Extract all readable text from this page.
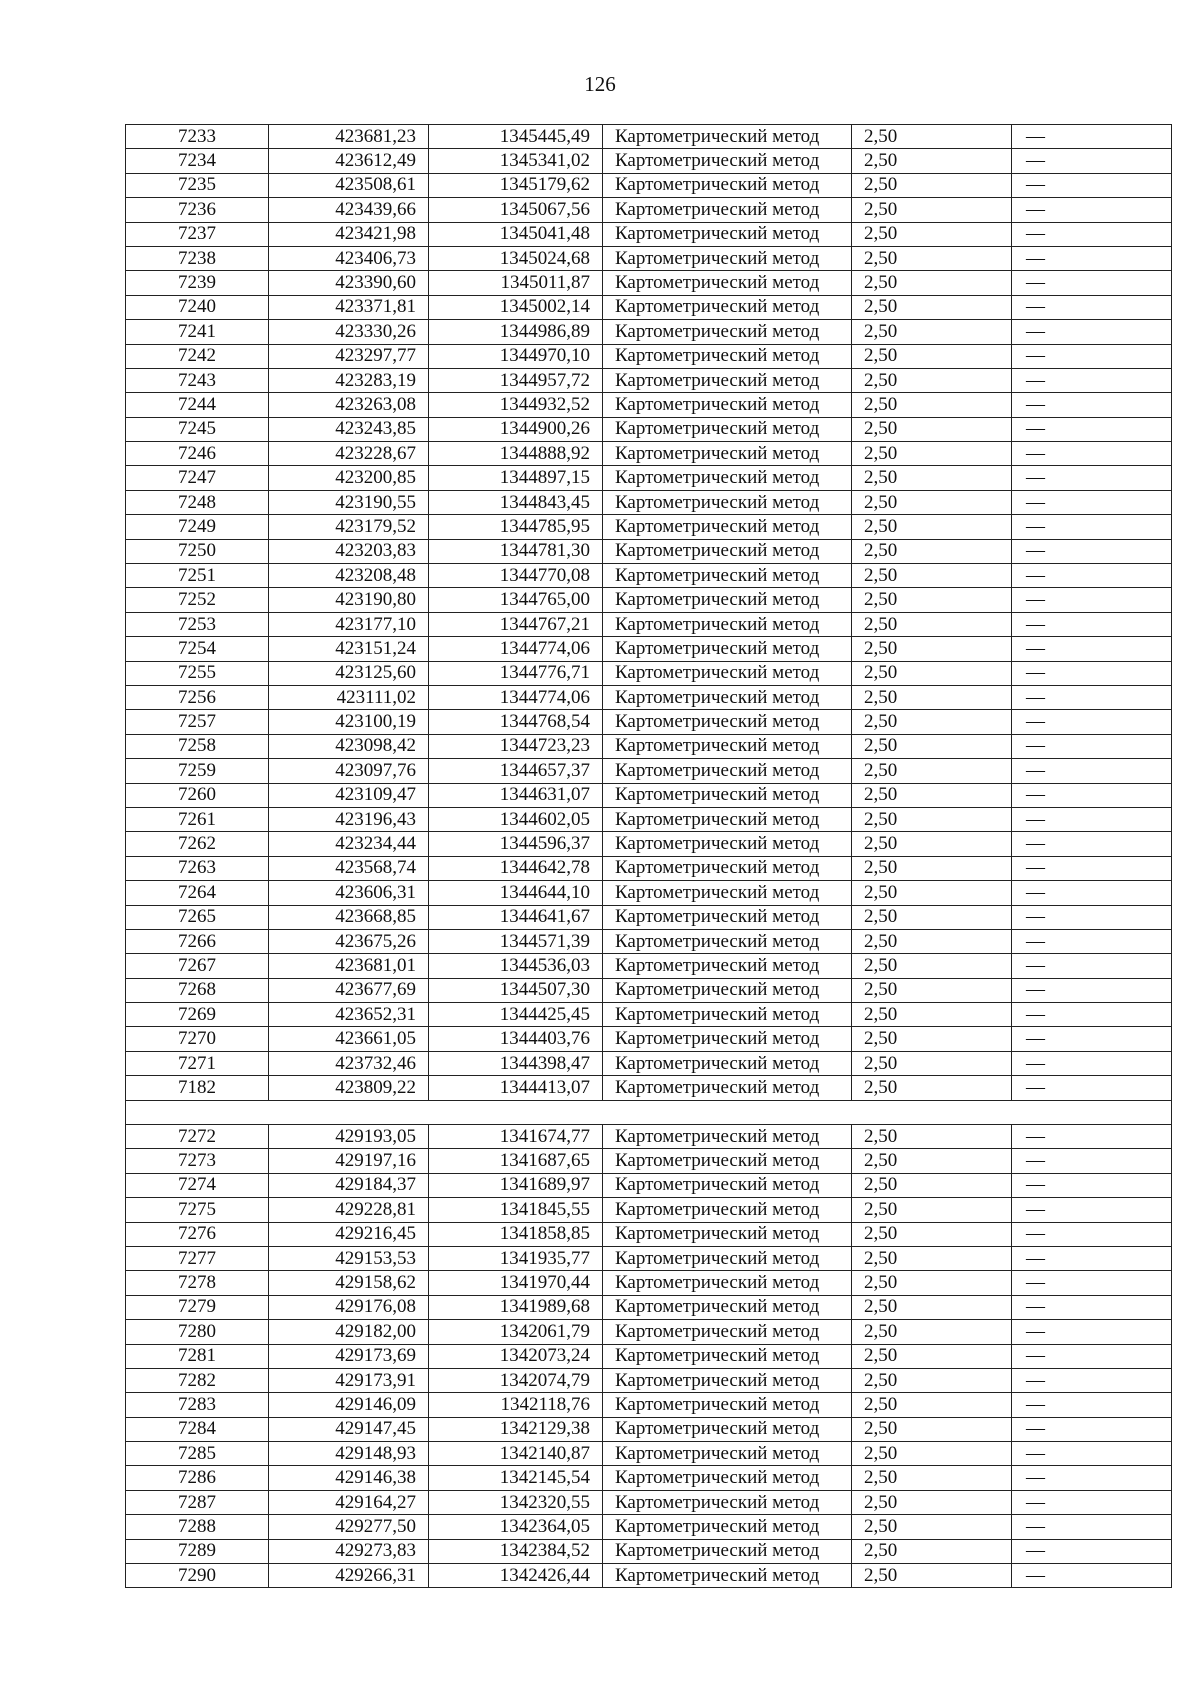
126
7233	423681,23	1345445,49	Картометрический метод	2,50	—
7234	423612,49	1345341,02	Картометрический метод	2,50	—
7235	423508,61	1345179,62	Картометрический метод	2,50	—
7236	423439,66	1345067,56	Картометрический метод	2,50	—
7237	423421,98	1345041,48	Картометрический метод	2,50	—
7238	423406,73	1345024,68	Картометрический метод	2,50	—
7239	423390,60	1345011,87	Картометрический метод	2,50	—
7240	423371,81	1345002,14	Картометрический метод	2,50	—
7241	423330,26	1344986,89	Картометрический метод	2,50	—
7242	423297,77	1344970,10	Картометрический метод	2,50	—
7243	423283,19	1344957,72	Картометрический метод	2,50	—
7244	423263,08	1344932,52	Картометрический метод	2,50	—
7245	423243,85	1344900,26	Картометрический метод	2,50	—
7246	423228,67	1344888,92	Картометрический метод	2,50	—
7247	423200,85	1344897,15	Картометрический метод	2,50	—
7248	423190,55	1344843,45	Картометрический метод	2,50	—
7249	423179,52	1344785,95	Картометрический метод	2,50	—
7250	423203,83	1344781,30	Картометрический метод	2,50	—
7251	423208,48	1344770,08	Картометрический метод	2,50	—
7252	423190,80	1344765,00	Картометрический метод	2,50	—
7253	423177,10	1344767,21	Картометрический метод	2,50	—
7254	423151,24	1344774,06	Картометрический метод	2,50	—
7255	423125,60	1344776,71	Картометрический метод	2,50	—
7256	423111,02	1344774,06	Картометрический метод	2,50	—
7257	423100,19	1344768,54	Картометрический метод	2,50	—
7258	423098,42	1344723,23	Картометрический метод	2,50	—
7259	423097,76	1344657,37	Картометрический метод	2,50	—
7260	423109,47	1344631,07	Картометрический метод	2,50	—
7261	423196,43	1344602,05	Картометрический метод	2,50	—
7262	423234,44	1344596,37	Картометрический метод	2,50	—
7263	423568,74	1344642,78	Картометрический метод	2,50	—
7264	423606,31	1344644,10	Картометрический метод	2,50	—
7265	423668,85	1344641,67	Картометрический метод	2,50	—
7266	423675,26	1344571,39	Картометрический метод	2,50	—
7267	423681,01	1344536,03	Картометрический метод	2,50	—
7268	423677,69	1344507,30	Картометрический метод	2,50	—
7269	423652,31	1344425,45	Картометрический метод	2,50	—
7270	423661,05	1344403,76	Картометрический метод	2,50	—
7271	423732,46	1344398,47	Картометрический метод	2,50	—
7182	423809,22	1344413,07	Картометрический метод	2,50	—

7272	429193,05	1341674,77	Картометрический метод	2,50	—
7273	429197,16	1341687,65	Картометрический метод	2,50	—
7274	429184,37	1341689,97	Картометрический метод	2,50	—
7275	429228,81	1341845,55	Картометрический метод	2,50	—
7276	429216,45	1341858,85	Картометрический метод	2,50	—
7277	429153,53	1341935,77	Картометрический метод	2,50	—
7278	429158,62	1341970,44	Картометрический метод	2,50	—
7279	429176,08	1341989,68	Картометрический метод	2,50	—
7280	429182,00	1342061,79	Картометрический метод	2,50	—
7281	429173,69	1342073,24	Картометрический метод	2,50	—
7282	429173,91	1342074,79	Картометрический метод	2,50	—
7283	429146,09	1342118,76	Картометрический метод	2,50	—
7284	429147,45	1342129,38	Картометрический метод	2,50	—
7285	429148,93	1342140,87	Картометрический метод	2,50	—
7286	429146,38	1342145,54	Картометрический метод	2,50	—
7287	429164,27	1342320,55	Картометрический метод	2,50	—
7288	429277,50	1342364,05	Картометрический метод	2,50	—
7289	429273,83	1342384,52	Картометрический метод	2,50	—
7290	429266,31	1342426,44	Картометрический метод	2,50	—
